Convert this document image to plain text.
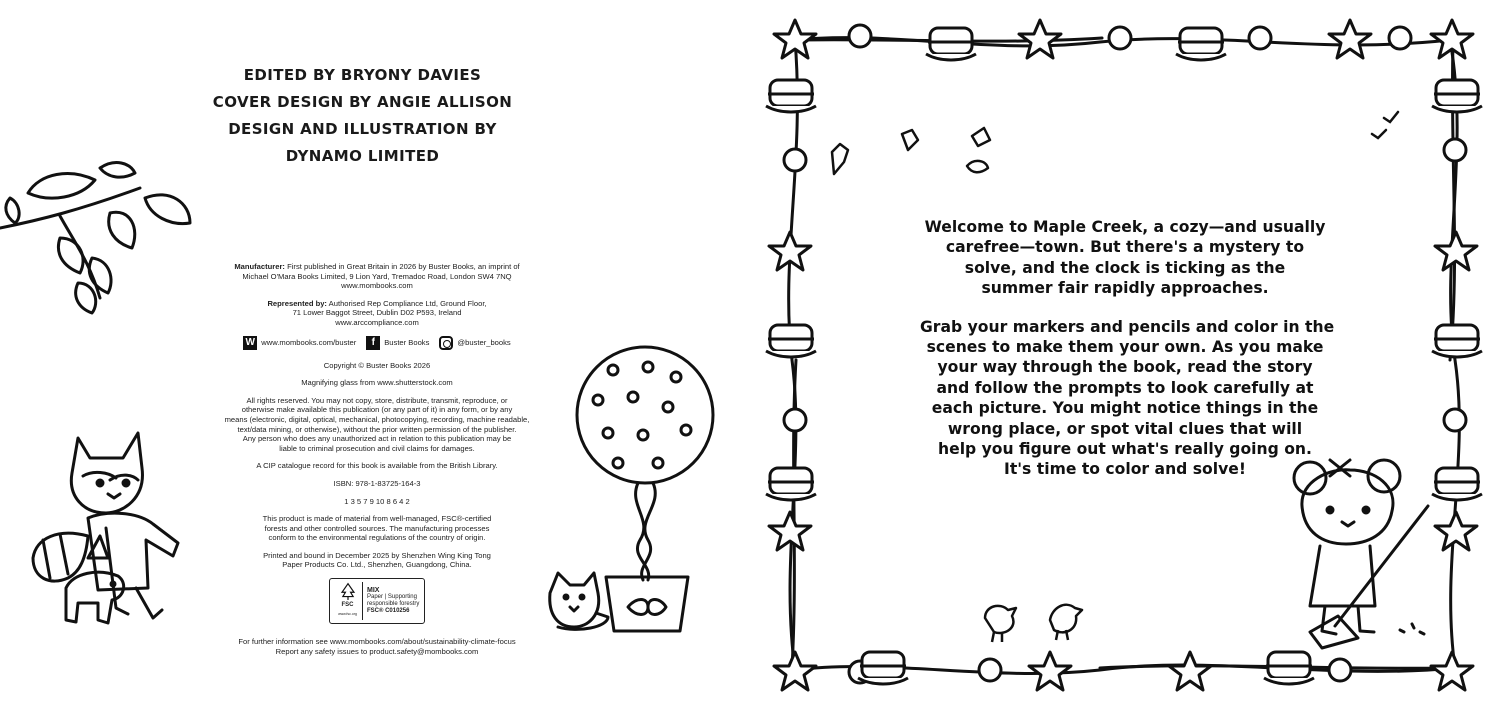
EDITED BY BRYONY DAVIES
COVER DESIGN BY ANGIE ALLISON
DESIGN AND ILLUSTRATION BY
DYNAMO LIMITED

Manufacturer: First published in Great Britain in 2026 by Buster Books, an imprint of
Michael O'Mara Books Limited, 9 Lion Yard, Tremadoc Road, London SW4 7NQ
www.mombooks.com

Represented by: Authorised Rep Compliance Ltd, Ground Floor,
71 Lower Baggot Street, Dublin D02 P593, Ireland
www.arccompliance.com

W www.mombooks.com/buster	f	Buster Books	@buster_books

Copyright © Buster Books 2026

Magnifying glass from www.shutterstock.com

All rights reserved. You may not copy, store, distribute, transmit, reproduce, or
otherwise make available this publication (or any part of it) in any form, or by any
means (electronic, digital, optical, mechanical, photocopying, recording, machine readable,
text/data mining, or otherwise), without the prior written permission of the publisher.
Any person who does any unauthorized act in relation to this publication may be
liable to criminal prosecution and civil claims for damages.

A CIP catalogue record for this book is available from the British Library.

ISBN: 978-1-83725-164-3

1 3 5 7 9 10 8 6 4 2

This product is made of material from well-managed, FSC®-certified
forests and other controlled sources. The manufacturing processes
conform to the environmental regulations of the country of origin.

Printed and bound in December 2025 by Shenzhen Wing King Tong
Paper Products Co. Ltd., Shenzhen, Guangdong, China.

FSC
www.fsc.org
MIX
Paper | Supporting
responsible forestry
FSC® C010256

For further information see www.mombooks.com/about/sustainability-climate-focus
Report any safety issues to product.safety@mombooks.com

Welcome to Maple Creek, a cozy—and usually
carefree—town. But there's a mystery to
solve, and the clock is ticking as the
summer fair rapidly approaches.

Grab your markers and pencils and color in the
scenes to make them your own. As you make
your way through the book, read the story
and follow the prompts to look carefully at
each picture. You might notice things in the
wrong place, or spot vital clues that will
help you figure out what's really going on.
It's time to color and solve!
